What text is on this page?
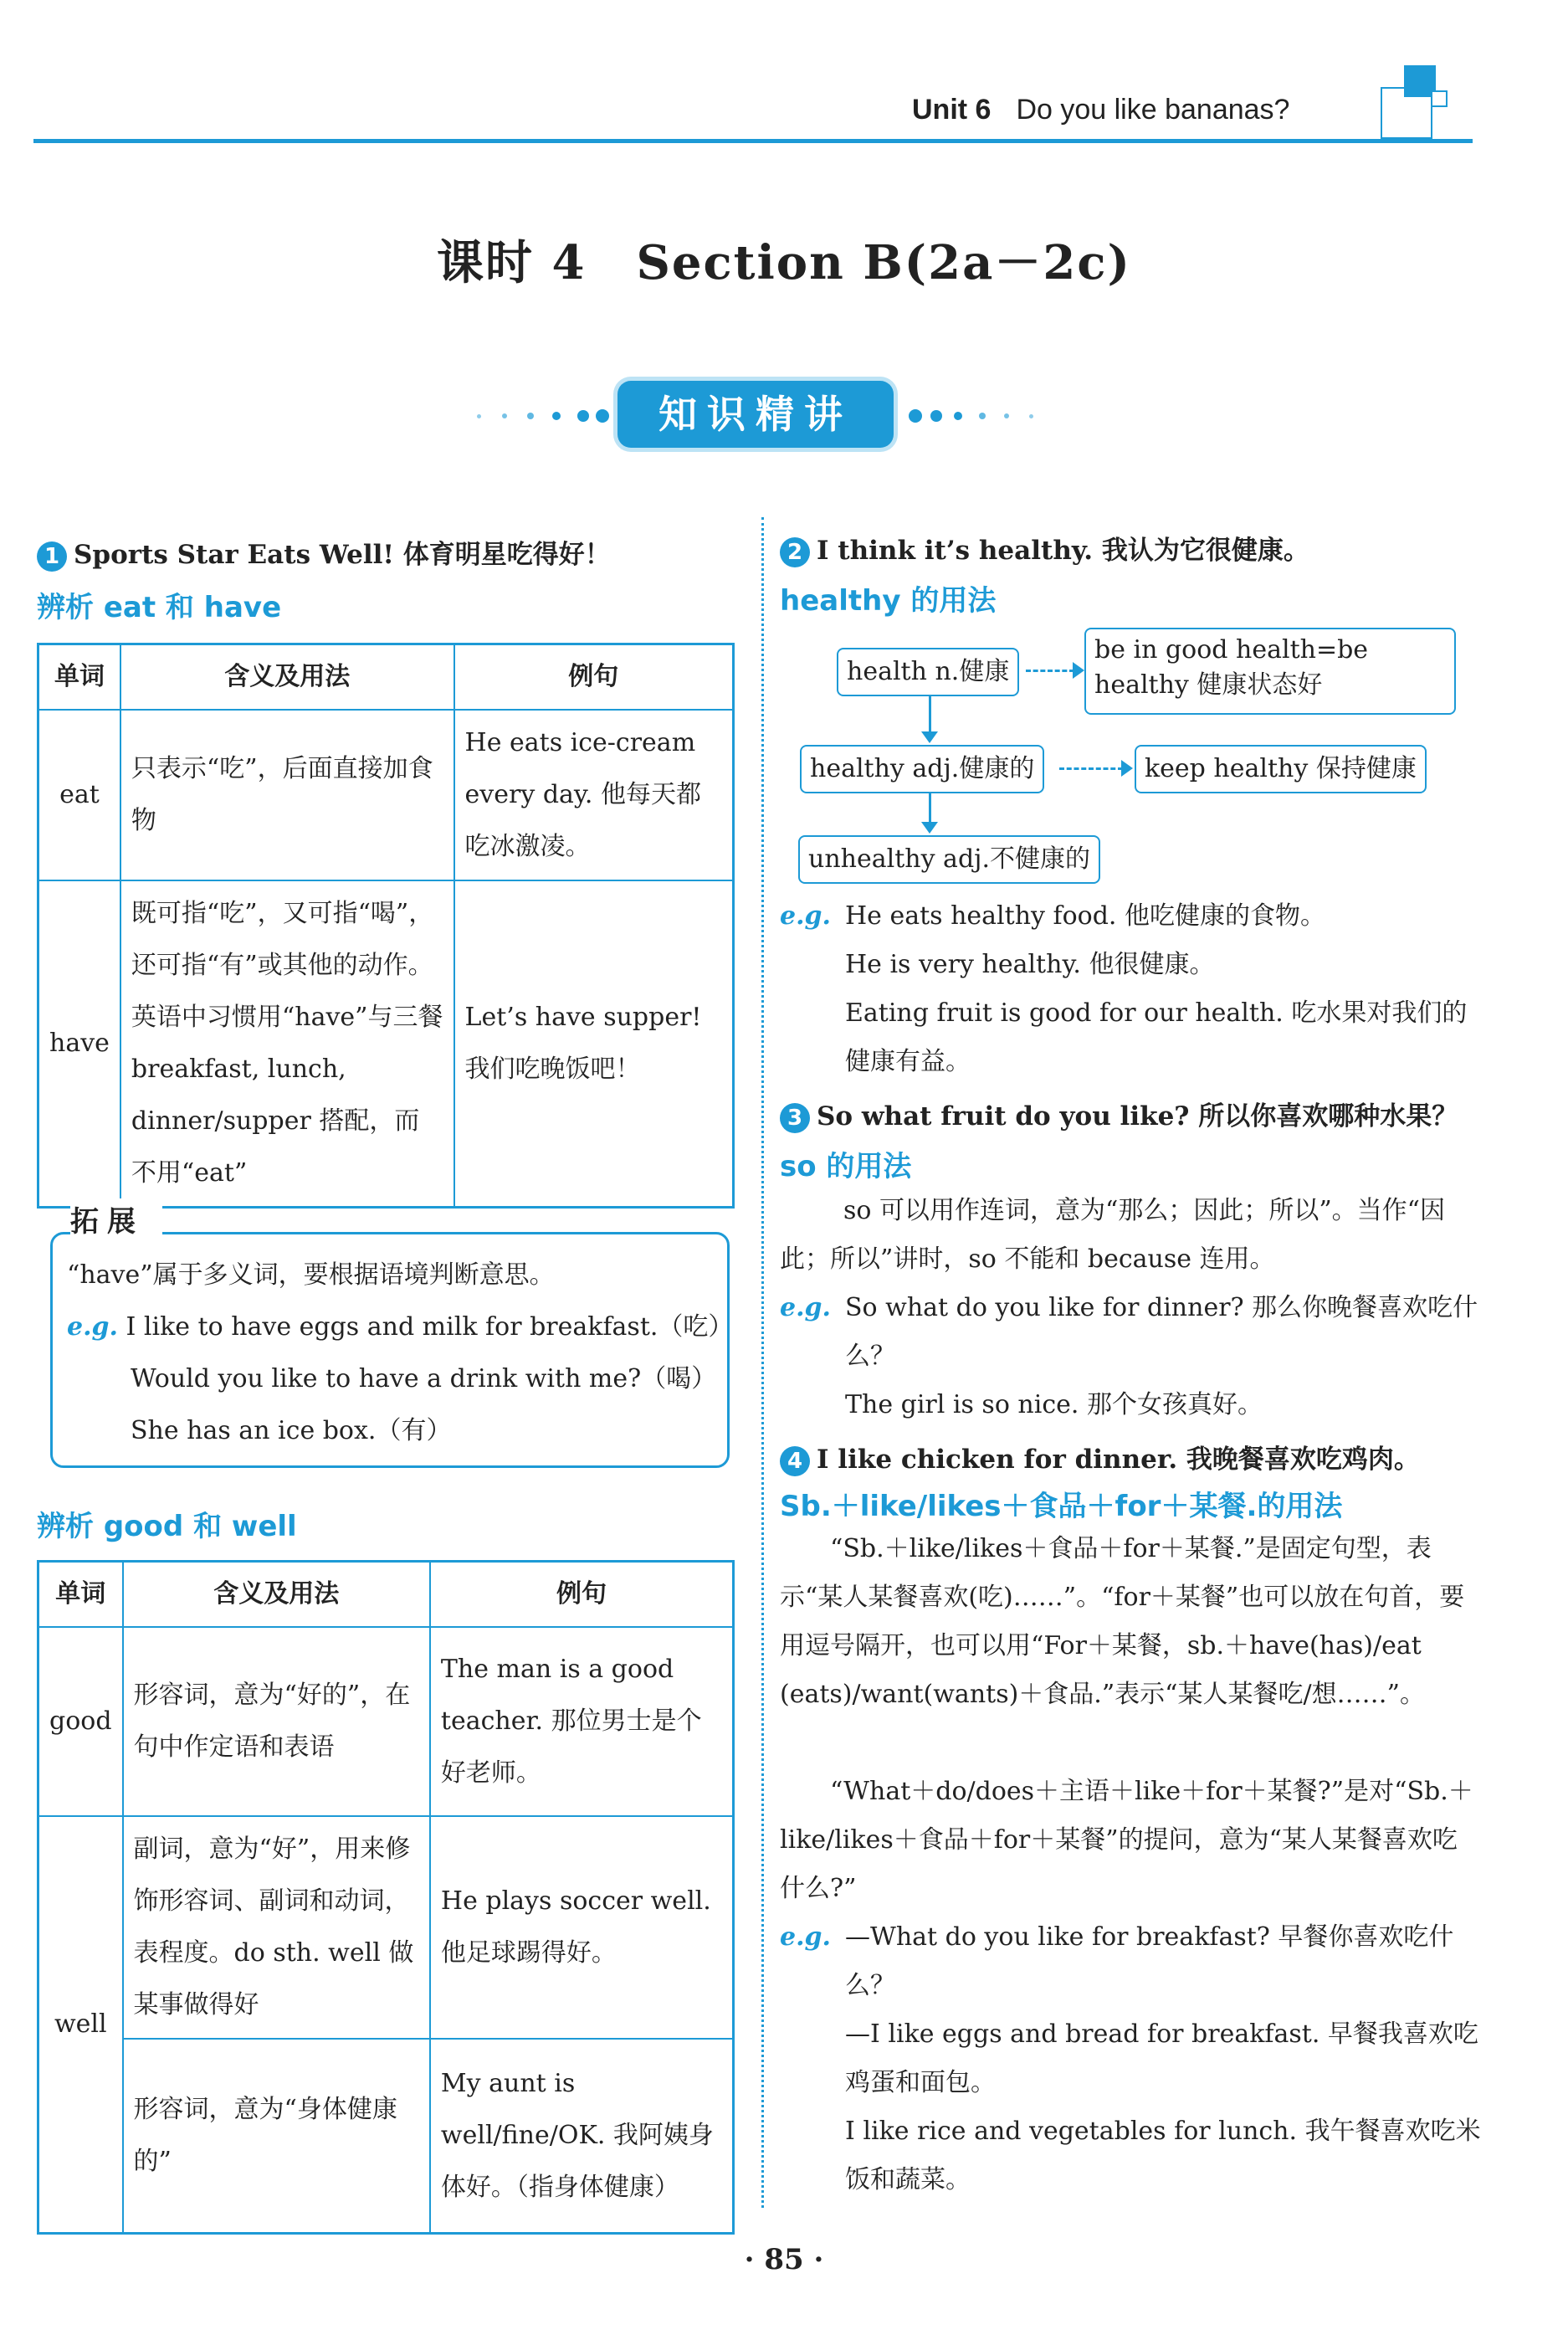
Unit 6 Do you like bananas?
课时 4 Section B(2a－2c)
知识精讲
1 Sports Star Eats Well! 体育明星吃得好！
辨析 eat 和 have
单词	含义及用法	例句
eat	只表示“吃”，后面直接加食物	He eats ice-cream every day. 他每天都吃冰激凌。
have	既可指“吃”，又可指“喝”，还可指“有”或其他的动作。英语中习惯用“have”与三餐 breakfast, lunch, dinner/supper 搭配，而不用“eat”	Let’s have supper! 我们吃晚饭吧！
拓展
“have”属于多义词，要根据语境判断意思。
e.g. I like to have eggs and milk for breakfast.（吃）
Would you like to have a drink with me?（喝）
She has an ice box.（有）
辨析 good 和 well
单词	含义及用法	例句
good	形容词，意为“好的”，在句中作定语和表语	The man is a good teacher. 那位男士是个好老师。
well	副词，意为“好”，用来修饰形容词、副词和动词，表程度。do sth. well 做某事做得好	He plays soccer well. 他足球踢得好。
	形容词，意为“身体健康的”	My aunt is well/fine/OK. 我阿姨身体好。（指身体健康）
2 I think it’s healthy. 我认为它很健康。
healthy 的用法
health n.健康
be in good health=be healthy 健康状态好
healthy adj.健康的	keep healthy 保持健康
unhealthy adj.不健康的
e.g. He eats healthy food. 他吃健康的食物。
He is very healthy. 他很健康。
Eating fruit is good for our health. 吃水果对我们的健康有益。
3 So what fruit do you like? 所以你喜欢哪种水果？
so 的用法
so 可以用作连词，意为“那么；因此；所以”。当作“因此；所以”讲时，so 不能和 because 连用。
e.g. So what do you like for dinner? 那么你晚餐喜欢吃什么？
The girl is so nice. 那个女孩真好。
4 I like chicken for dinner. 我晚餐喜欢吃鸡肉。
Sb.＋like/likes＋食品＋for＋某餐.的用法
“Sb.＋like/likes＋食品＋for＋某餐.”是固定句型，表示“某人某餐喜欢(吃)……”。“for＋某餐”也可以放在句首，要用逗号隔开，也可以用“For＋某餐，sb.＋have(has)/eat (eats)/want(wants)＋食品.”表示“某人某餐吃/想……”。
“What＋do/does＋主语＋like＋for＋某餐?”是对“Sb.＋like/likes＋食品＋for＋某餐”的提问，意为“某人某餐喜欢吃什么?”
e.g. —What do you like for breakfast? 早餐你喜欢吃什么？
—I like eggs and bread for breakfast. 早餐我喜欢吃鸡蛋和面包。
I like rice and vegetables for lunch. 我午餐喜欢吃米饭和蔬菜。
· 85 ·
